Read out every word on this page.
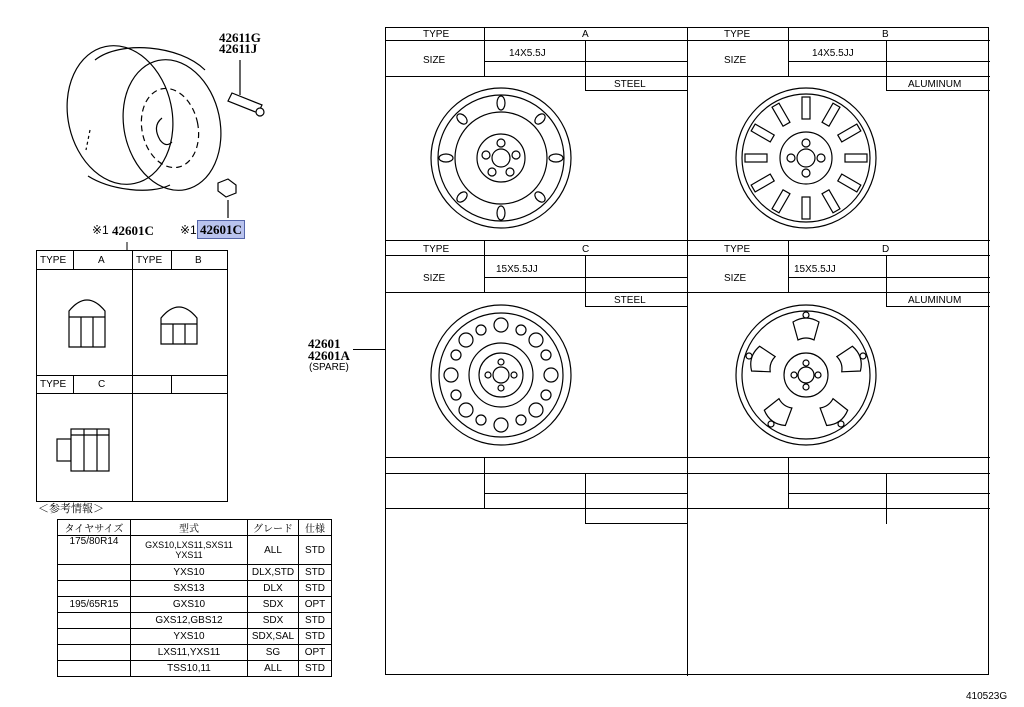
42611G
42611J
※1 42601C ※1 42601C
TYPE	A	TYPE	B
TYPE	C
＜参考情報＞
タイヤサイズ	型式	グレード	仕様
175/80R14	GXS10,LXS11,SXS11 YXS11	ALL	STD
	YXS10	DLX,STD	STD
	SXS13	DLX	STD
195/65R15	GXS10	SDX	OPT
	GXS12,GBS12	SDX	STD
	YXS10	SDX,SAL	STD
	LXS11,YXS11	SG	OPT
	TSS10,11	ALL	STD
42601
42601A
(SPARE)
TYPE	A
SIZE
14X5.5J
STEEL
TYPE	B
SIZE
14X5.5JJ
ALUMINUM
TYPE	C
SIZE
15X5.5JJ
STEEL
TYPE	D
SIZE
15X5.5JJ
ALUMINUM
410523G
